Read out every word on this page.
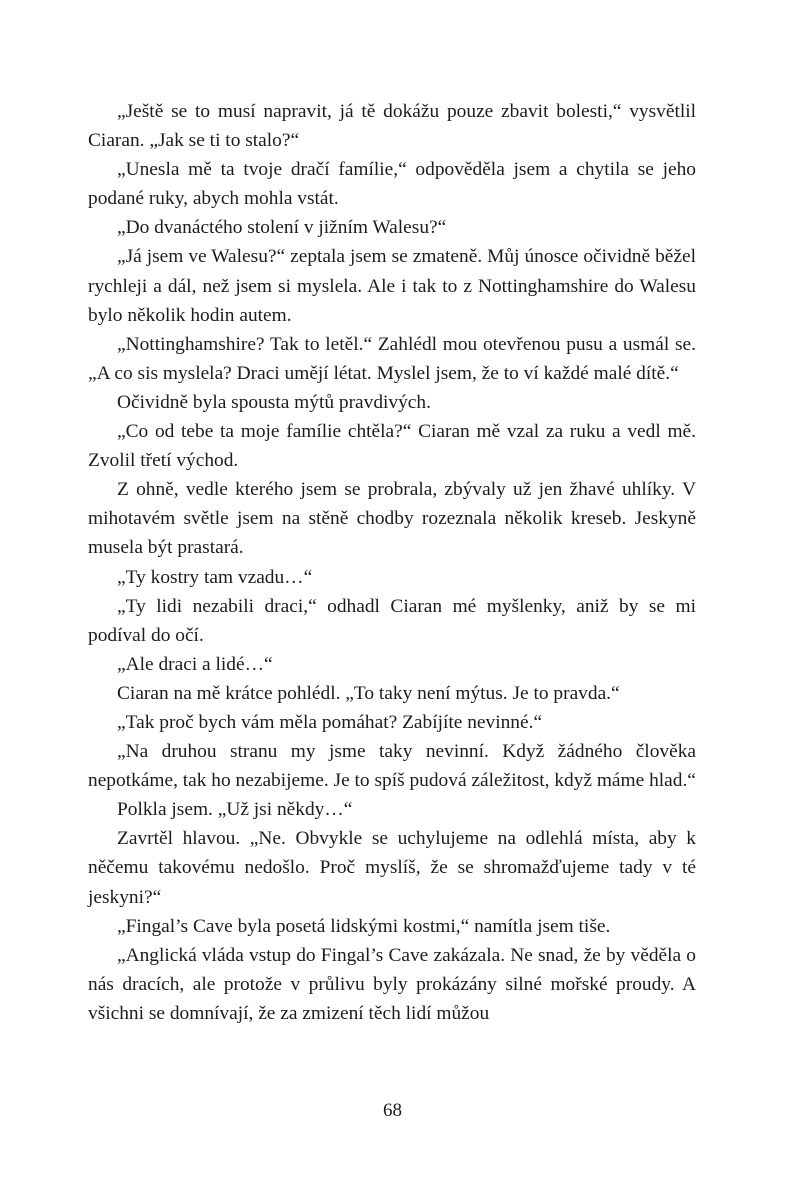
„Ještě se to musí napravit, já tě dokážu pouze zbavit bolesti,“ vysvětlil Ciaran. „Jak se ti to stalo?“

„Unesla mě ta tvoje dračí famílie,“ odpověděla jsem a chytila se jeho podané ruky, abych mohla vstát.

„Do dvanáctého stolení v jižním Walesu?“

„Já jsem ve Walesu?“ zeptala jsem se zmateně. Můj únosce očividně běžel rychleji a dál, než jsem si myslela. Ale i tak to z Nottinghamshire do Walesu bylo několik hodin autem.

„Nottinghamshire? Tak to letěl.“ Zahlédl mou otevřenou pusu a usmál se. „A co sis myslela? Draci umějí létat. Myslel jsem, že to ví každé malé dítě.“

Očividně byla spousta mýtů pravdivých.

„Co od tebe ta moje famílie chtěla?“ Ciaran mě vzal za ruku a vedl mě. Zvolil třetí východ.

Z ohně, vedle kterého jsem se probrala, zbývaly už jen žhavé uhlíky. V mihotavém světle jsem na stěně chodby rozeznala několik kreseb. Jeskyně musela být prastará.

„Ty kostry tam vzadu…“

„Ty lidi nezabili draci,“ odhadl Ciaran mé myšlenky, aniž by se mi podíval do očí.

„Ale draci a lidé…“

Ciaran na mě krátce pohlédl. „To taky není mýtus. Je to pravda.“

„Tak proč bych vám měla pomáhat? Zabíjíte nevinné.“

„Na druhou stranu my jsme taky nevinní. Když žádného člověka nepotkáme, tak ho nezabijeme. Je to spíš pudová záležitost, když máme hlad.“

Polkla jsem. „Už jsi někdy…“

Zavrtěl hlavou. „Ne. Obvykle se uchylujeme na odlehlá místa, aby k něčemu takovému nedošlo. Proč myslíš, že se shromažďujeme tady v té jeskyni?“

„Fingal’s Cave byla posetá lidskými kostmi,“ namítla jsem tiše.

„Anglická vláda vstup do Fingal’s Cave zakázala. Ne snad, že by věděla o nás dracích, ale protože v průlivu byly prokázány silné mořské proudy. A všichni se domnívají, že za zmizení těch lidí můžou

68
